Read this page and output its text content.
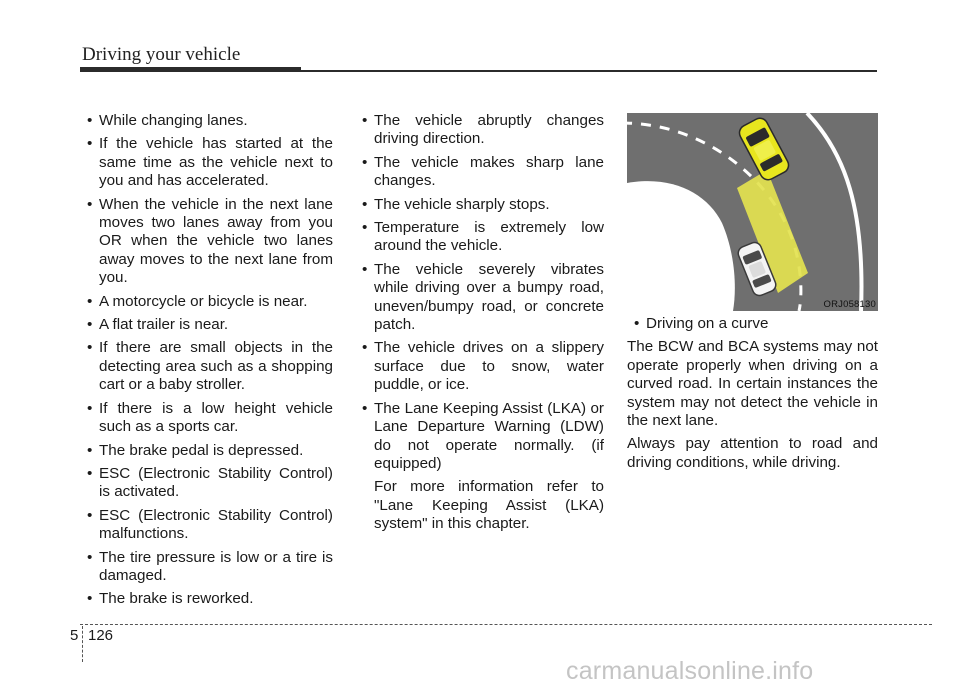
Driving your vehicle
• While changing lanes.
• If the vehicle has started at the same time as the vehicle next to you and has accelerated.
• When the vehicle in the next lane moves two lanes away from you OR when the vehicle two lanes away moves to the next lane from you.
• A motorcycle or bicycle is near.
• A flat trailer is near.
• If there are small objects in the detecting area such as a shopping cart or a baby stroller.
• If there is a low height vehicle such as a sports car.
• The brake pedal is depressed.
• ESC (Electronic Stability Control) is activated.
• ESC (Electronic Stability Control) malfunctions.
• The tire pressure is low or a tire is damaged.
• The brake is reworked.
• The vehicle abruptly changes driving direction.
• The vehicle makes sharp lane changes.
• The vehicle sharply stops.
• Temperature is extremely low around the vehicle.
• The vehicle severely vibrates while driving over a bumpy road, uneven/bumpy road, or concrete patch.
• The vehicle drives on a slippery surface due to snow, water puddle, or ice.
• The Lane Keeping Assist (LKA) or Lane Departure Warning (LDW) do not operate normally. (if equipped)
For more information refer to "Lane Keeping Assist (LKA) system" in this chapter.
ORJ058130
• Driving on a curve
The BCW and BCA systems may not operate properly when driving on a curved road. In certain instances the system may not detect the vehicle in the next lane.
Always pay attention to road and driving conditions, while driving.
5 126
carmanualsonline.info
